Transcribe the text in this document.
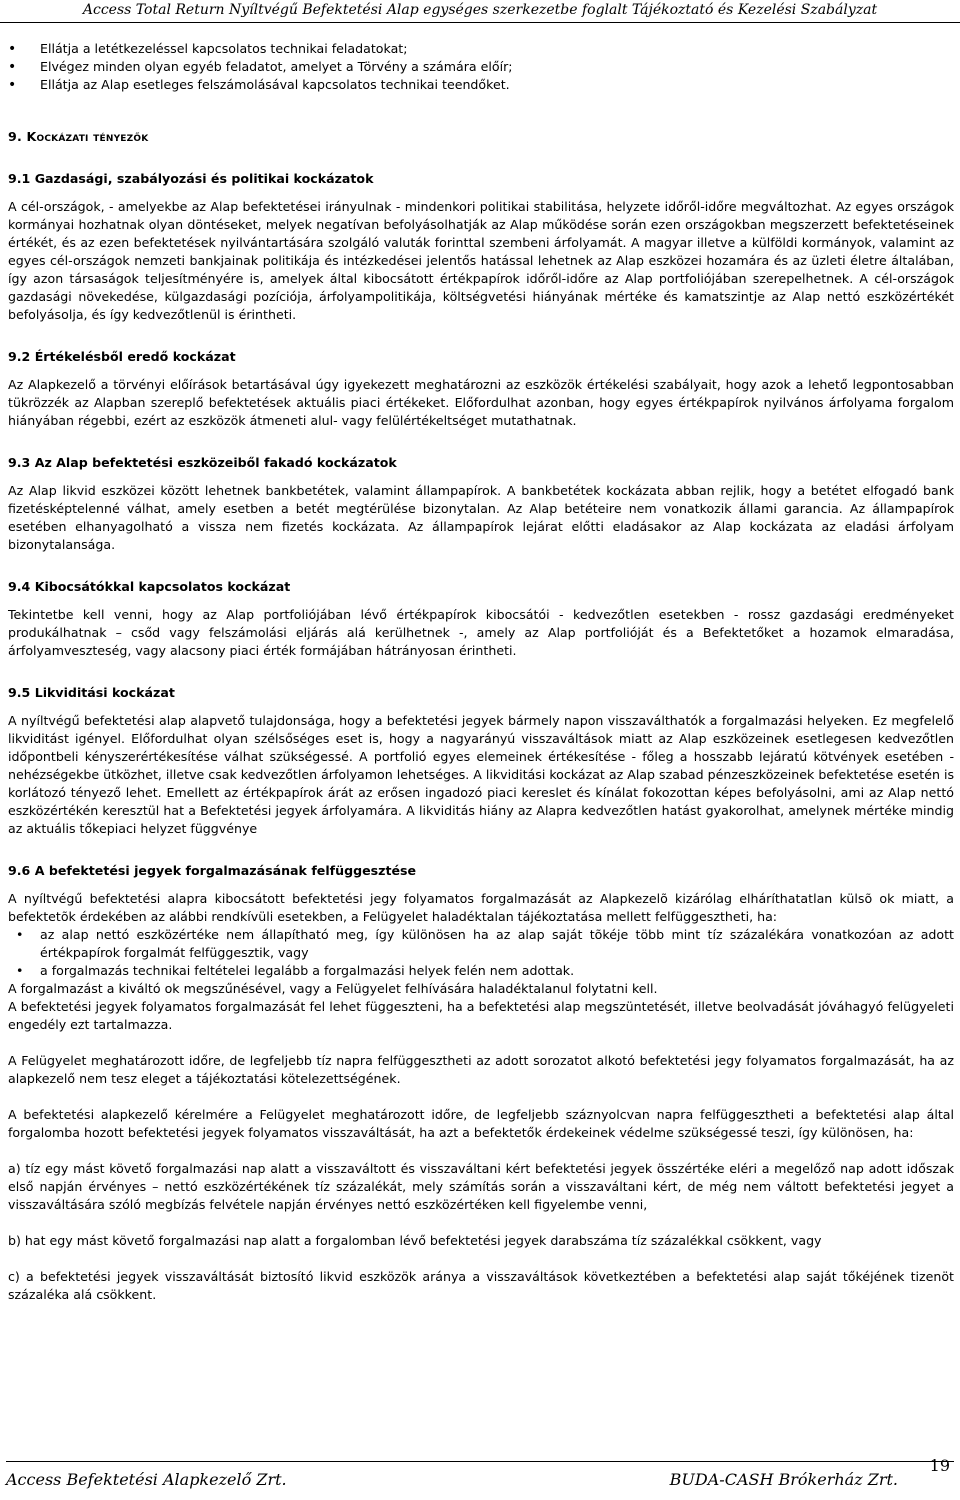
Access Total Return Nyíltvégű Befektetési Alap egységes szerkezetbe foglalt Tájékoztató és Kezelési Szabályzat
• Ellátja a letétkezeléssel kapcsolatos technikai feladatokat;
• Elvégez minden olyan egyéb feladatot, amelyet a Törvény a számára előír;
• Ellátja az Alap esetleges felszámolásával kapcsolatos technikai teendőket.
9. Kockázati tényezők
9.1 Gazdasági, szabályozási és politikai kockázatok

A cél-országok, - amelyekbe az Alap befektetései irányulnak - mindenkori politikai stabilitása, helyzete időről-időre megváltozhat. Az egyes országok kormányai hozhatnak olyan döntéseket, melyek negatívan befolyásolhatják az Alap működése során ezen országokban megszerzett befektetéseinek értékét, és az ezen befektetések nyilvántartására szolgáló valuták forinttal szembeni árfolyamát. A magyar illetve a külföldi kormányok, valamint az egyes cél-országok nemzeti bankjainak politikája és intézkedései jelentős hatással lehetnek az Alap eszközei hozamára és az üzleti életre általában, így azon társaságok teljesítményére is, amelyek által kibocsátott értékpapírok időről-időre az Alap portfoliójában szerepelhetnek. A cél-országok gazdasági növekedése, külgazdasági pozíciója, árfolyampolitikája, költségvetési hiányának mértéke és kamatszintje az Alap nettó eszközértékét befolyásolja, és így kedvezőtlenül is érintheti.

9.2 Értékelésből eredő kockázat

Az Alapkezelő a törvényi előírások betartásával úgy igyekezett meghatározni az eszközök értékelési szabályait, hogy azok a lehető legpontosabban tükrözzék az Alapban szereplő befektetések aktuális piaci értékeket. Előfordulhat azonban, hogy egyes értékpapírok nyilvános árfolyama forgalom hiányában régebbi, ezért az eszközök átmeneti alul- vagy felülértékeltséget mutathatnak.

9.3 Az Alap befektetési eszközeiből fakadó kockázatok

Az Alap likvid eszközei között lehetnek bankbetétek, valamint állampapírok. A bankbetétek kockázata abban rejlik, hogy a betétet elfogadó bank fizetésképtelenné válhat, amely esetben a betét megtérülése bizonytalan. Az Alap betéteire nem vonatkozik állami garancia. Az állampapírok esetében elhanyagolható a vissza nem fizetés kockázata. Az állampapírok lejárat előtti eladásakor az Alap kockázata az eladási árfolyam bizonytalansága.

9.4 Kibocsátókkal kapcsolatos kockázat

Tekintetbe kell venni, hogy az Alap portfoliójában lévő értékpapírok kibocsátói - kedvezőtlen esetekben - rossz gazdasági eredményeket produkálhatnak – csőd vagy felszámolási eljárás alá kerülhetnek -, amely az Alap portfolióját és a Befektetőket a hozamok elmaradása, árfolyamveszteség, vagy alacsony piaci érték formájában hátrányosan érintheti.

9.5 Likviditási kockázat

A nyíltvégű befektetési alap alapvető tulajdonsága, hogy a befektetési jegyek bármely napon visszaválthatók a forgalmazási helyeken. Ez megfelelő likviditást igényel. Előfordulhat olyan szélsőséges eset is, hogy a nagyarányú visszaváltások miatt az Alap eszközeinek esetlegesen kedvezőtlen időpontbeli kényszerértékesítése válhat szükségessé. A portfolió egyes elemeinek értékesítése - főleg a hosszabb lejáratú kötvények esetében - nehézségekbe ütközhet, illetve csak kedvezőtlen árfolyamon lehetséges. A likviditási kockázat az Alap szabad pénzeszközeinek befektetése esetén is korlátozó tényező lehet. Emellett az értékpapírok árát az erősen ingadozó piaci kereslet és kínálat fokozottan képes befolyásolni, ami az Alap nettó eszközértékén keresztül hat a Befektetési jegyek árfolyamára. A likviditás hiány az Alapra kedvezőtlen hatást gyakorolhat, amelynek mértéke mindig az aktuális tőkepiaci helyzet függvénye

9.6 A befektetési jegyek forgalmazásának felfüggesztése

A nyíltvégű befektetési alapra kibocsátott befektetési jegy folyamatos forgalmazását az Alapkezelõ kizárólag elháríthatatlan külsõ ok miatt, a befektetõk érdekében az alábbi rendkívüli esetekben, a Felügyelet haladéktalan tájékoztatása mellett felfüggesztheti, ha:

• az alap nettó eszközértéke nem állapítható meg, így különösen ha az alap saját tõkéje több mint tíz százalékára vonatkozóan az adott értékpapírok forgalmát felfüggesztik, vagy
• a forgalmazás technikai feltételei legalább a forgalmazási helyek felén nem adottak.

A forgalmazást a kiváltó ok megszűnésével, vagy a Felügyelet felhívására haladéktalanul folytatni kell.

A befektetési jegyek folyamatos forgalmazását fel lehet függeszteni, ha a befektetési alap megszüntetését, illetve beolvadását jóváhagyó felügyeleti engedély ezt tartalmazza.

A Felügyelet meghatározott időre, de legfeljebb tíz napra felfüggesztheti az adott sorozatot alkotó befektetési jegy folyamatos forgalmazását, ha az alapkezelő nem tesz eleget a tájékoztatási kötelezettségének.

A befektetési alapkezelő kérelmére a Felügyelet meghatározott időre, de legfeljebb száznyolcvan napra felfüggesztheti a befektetési alap által forgalomba hozott befektetési jegyek folyamatos visszaváltását, ha azt a befektetők érdekeinek védelme szükségessé teszi, így különösen, ha:

a) tíz egy mást követő forgalmazási nap alatt a visszaváltott és visszaváltani kért befektetési jegyek összértéke eléri a megelőző nap adott időszak első napján érvényes – nettó eszközértékének tíz százalékát, mely számítás során a visszaváltani kért, de még nem váltott befektetési jegyet a visszaváltására szóló megbízás felvétele napján érvényes nettó eszközértéken kell figyelembe venni,

b) hat egy mást követő forgalmazási nap alatt a forgalomban lévő befektetési jegyek darabszáma tíz százalékkal csökkent, vagy

c) a befektetési jegyek visszaváltását biztosító likvid eszközök aránya a visszaváltások következtében a befektetési alap saját tőkéjének tizenöt százaléka alá csökkent.

Access Befektetési Alapkezelő Zrt.	BUDA-CASH Brókerház Zrt.
19
